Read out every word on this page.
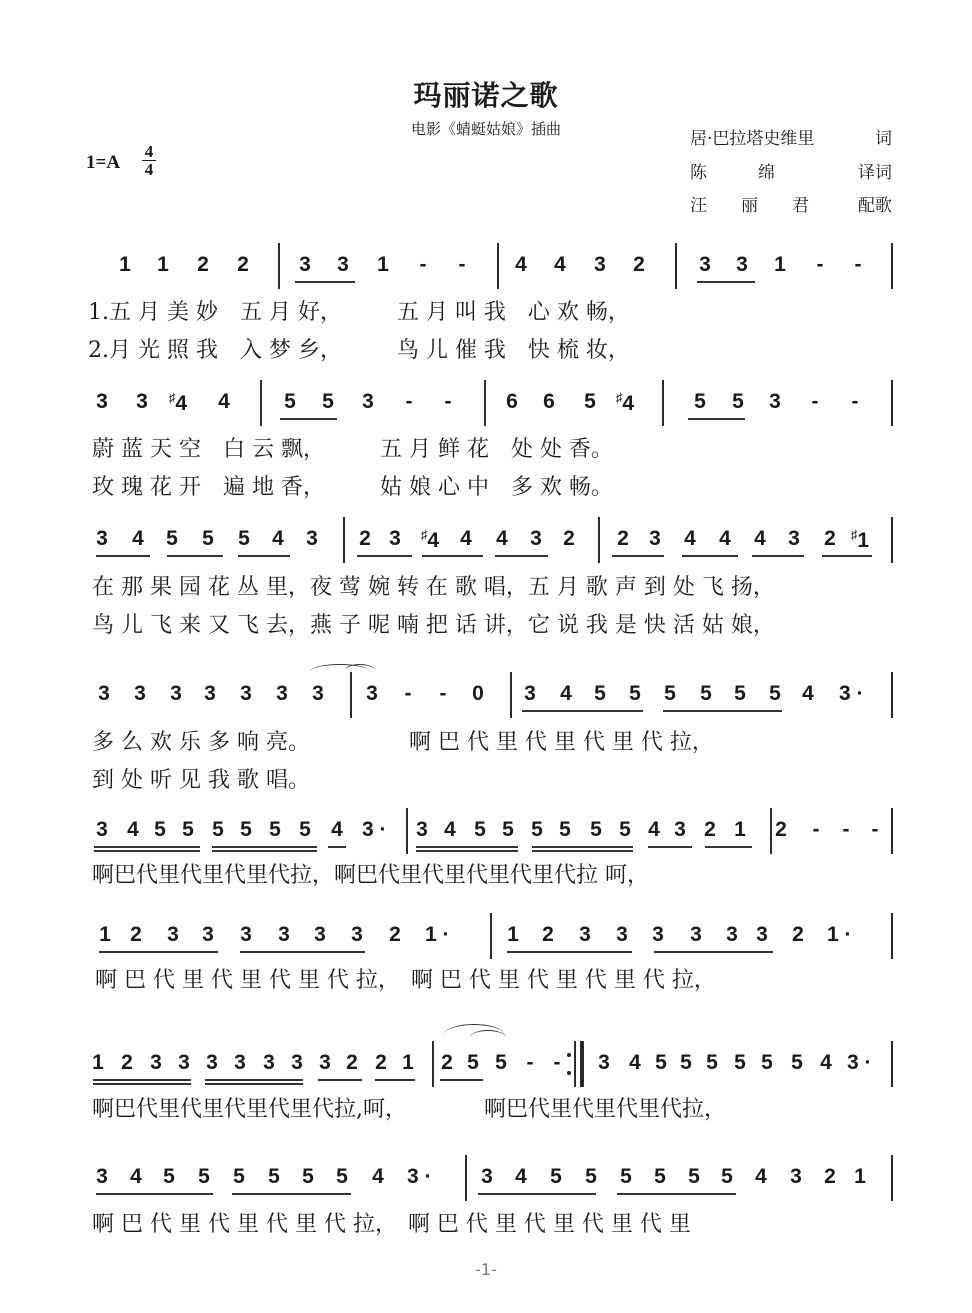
玛丽诺之歌
电影《蜻蜓姑娘》插曲
1=A
4
4
居·巴拉塔史维里	词
陈　　　绵	译词
汪　　丽　　君	配歌
1 1 2 2 3 3 1	-	-	4 4 3 2	3 3 1	-	-
1.五 月 美 妙　五 月 好，　　　五 月 叫 我　心 欢 畅，
2.月 光 照 我　入 梦 乡，　　　鸟 儿 催 我　快 梳 妆，
3 3	♯4 4	5 5 3	-	-	6 6 5	♯4	5 5 3	-	-
蔚 蓝 天 空　白 云 飘，　　　五 月 鲜 花　处 处 香。
玫 瑰 花 开　遍 地 香，　　　姑 娘 心 中　多 欢 畅。
3 4 5 5 5 4 3 2 3	♯4 4 4 3 2 2 3 4 4 4 3 2	♯1
在 那 果 园 花 丛 里，夜 莺 婉 转 在 歌 唱，五 月 歌 声 到 处 飞 扬，
鸟 儿 飞 来 又 飞 去，燕 子 呢 喃 把 话 讲，它 说 我 是 快 活 姑 娘，
3 3 3 3 3 3 3 3	-	-	0 3 4 5 5 5 5 5 5 4 3 ·
多 么 欢 乐 多 响 亮。　　　　　啊 巴 代 里 代 里 代 里 代 拉，
到 处 听 见 我 歌 唱。
3 4 5 5 5 5 5 5 4 3 ·	3 4 5 5 5 5 5 5 4 3 2 1 2	-	-	-
啊巴代里代里代里代拉，啊巴代里代里代里代里代拉 呵，
1 2 3 3 3 3 3 3 2 1 ·	1 2 3 3 3 3 3 3 2 1 ·
啊 巴 代 里 代 里 代 里 代 拉，　啊 巴 代 里 代 里 代 里 代 拉，
1 2 3 3 3 3 3 3 3 2 2 1 2 5 5 - -	3 4 5 5 5 5 5 5 4 3 ·
啊巴代里代里代里代里代拉,呵，　　　　啊巴代里代里代里代拉，
3 4 5 5 5 5 5 5 4 3 ·	3 4 5 5 5 5 5 5 4 3 2 1
啊 巴 代 里 代 里 代 里 代 拉，　啊 巴 代 里 代 里 代 里 代 里
-1-
